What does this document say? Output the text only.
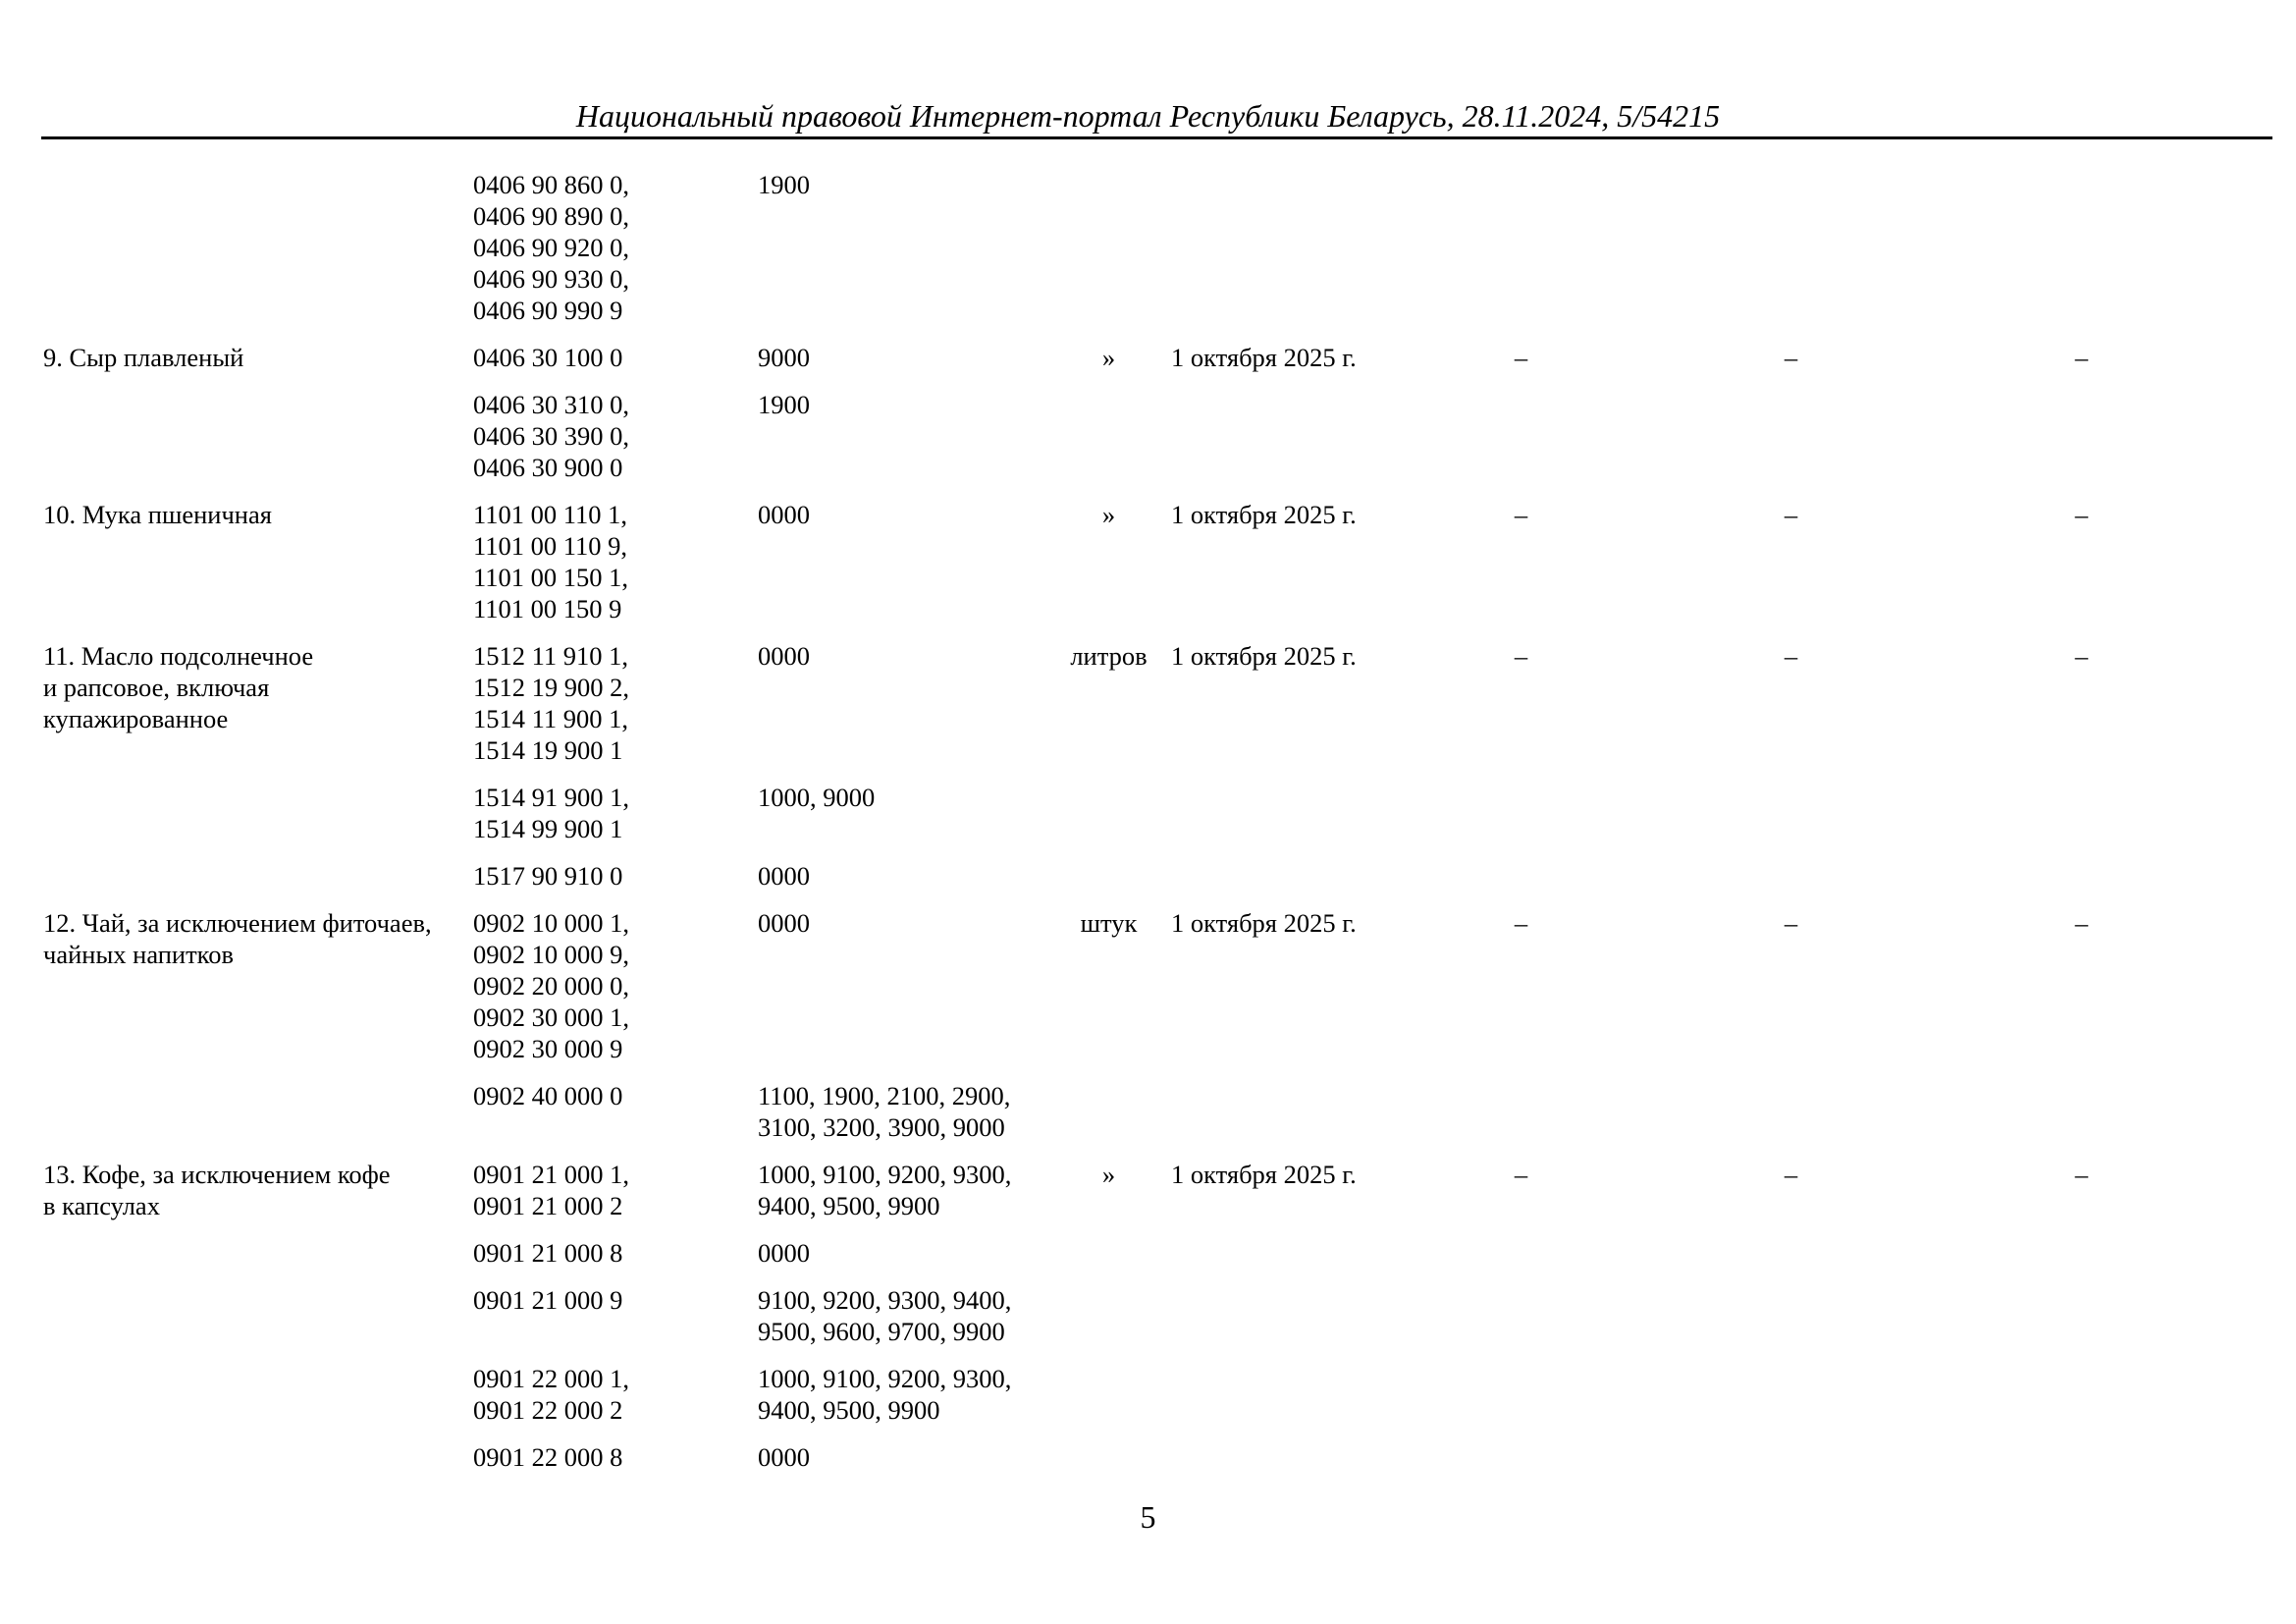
Национальный правовой Интернет-портал Республики Беларусь, 28.11.2024, 5/54215

	0406 90 860 0,
0406 90 890 0,
0406 90 920 0,
0406 90 930 0,
0406 90 990 9	1900					

9. Сыр плавленый	0406 30 100 0	9000	»	1 октября 2025 г.	–	–	–

	0406 30 310 0,
0406 30 390 0,
0406 30 900 0	1900					

10. Мука пшеничная	1101 00 110 1,
1101 00 110 9,
1101 00 150 1,
1101 00 150 9	0000	»	1 октября 2025 г.	–	–	–

11. Масло подсолнечное
и рапсовое, включая
купажированное	1512 11 910 1,
1512 19 900 2,
1514 11 900 1,
1514 19 900 1	0000	литров	1 октября 2025 г.	–	–	–

	1514 91 900 1,
1514 99 900 1	1000, 9000					

	1517 90 910 0	0000					

12. Чай, за исключением фиточаев,
чайных напитков	0902 10 000 1,
0902 10 000 9,
0902 20 000 0,
0902 30 000 1,
0902 30 000 9	0000	штук	1 октября 2025 г.	–	–	–

	0902 40 000 0	1100, 1900, 2100, 2900,
3100, 3200, 3900, 9000					

13. Кофе, за исключением кофе
в капсулах	0901 21 000 1,
0901 21 000 2	1000, 9100, 9200, 9300,
9400, 9500, 9900	»	1 октября 2025 г.	–	–	–

	0901 21 000 8	0000					

	0901 21 000 9	9100, 9200, 9300, 9400,
9500, 9600, 9700, 9900					

	0901 22 000 1,
0901 22 000 2	1000, 9100, 9200, 9300,
9400, 9500, 9900					

	0901 22 000 8	0000					

5
